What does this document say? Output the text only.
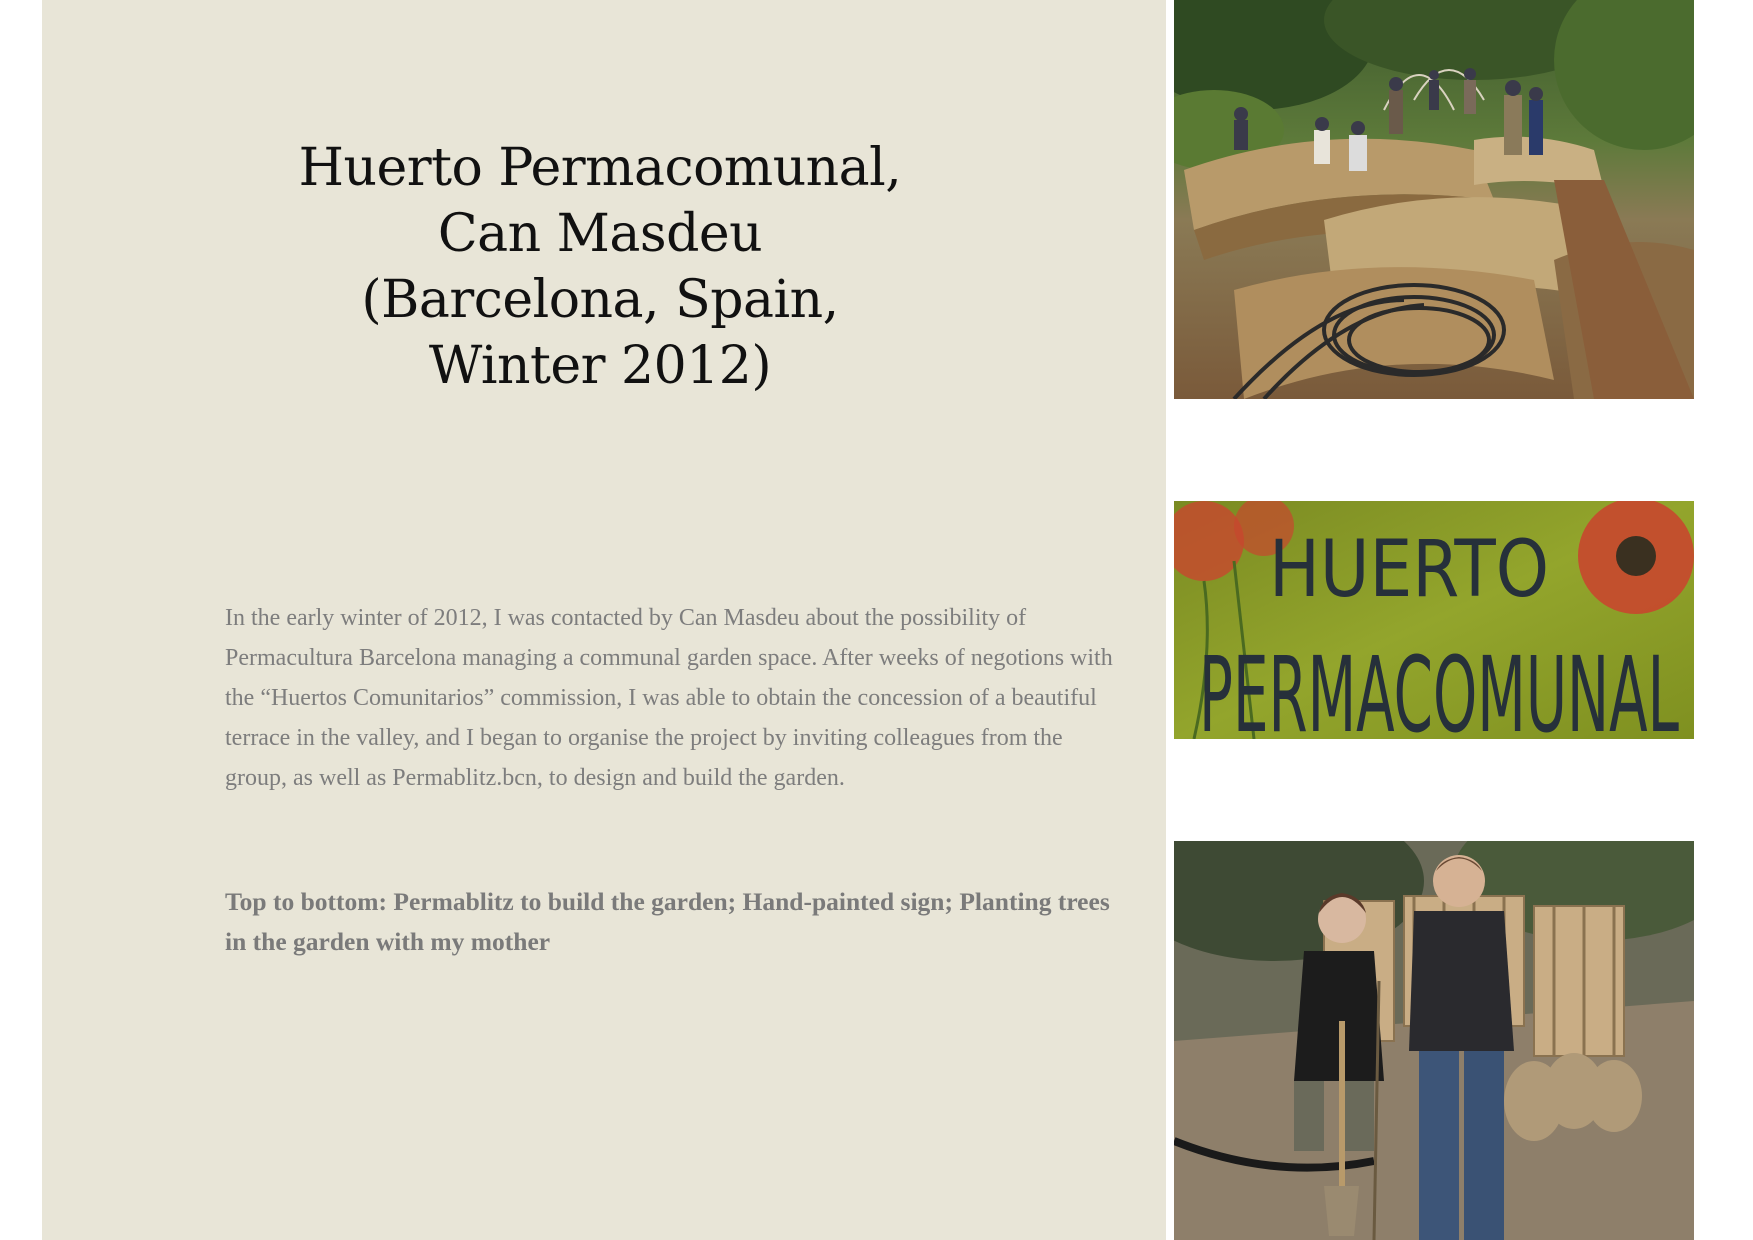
Huerto Permacomunal, Can Masdeu (Barcelona, Spain, Winter 2012)

In the early winter of 2012, I was contacted by Can Masdeu about the possibility of Permacultura Barcelona managing a communal garden space. After weeks of negotions with the “Huertos Comunitarios” commission, I was able to obtain the concession of a beautiful terrace in the valley, and I began to organise the project by inviting colleagues from the group, as well as Permablitz.bcn, to design and build the garden.

Top to bottom: Permablitz to build the garden; Hand-painted sign; Planting trees in the garden with my mother

HUERTO
PERMACOMUNAL
